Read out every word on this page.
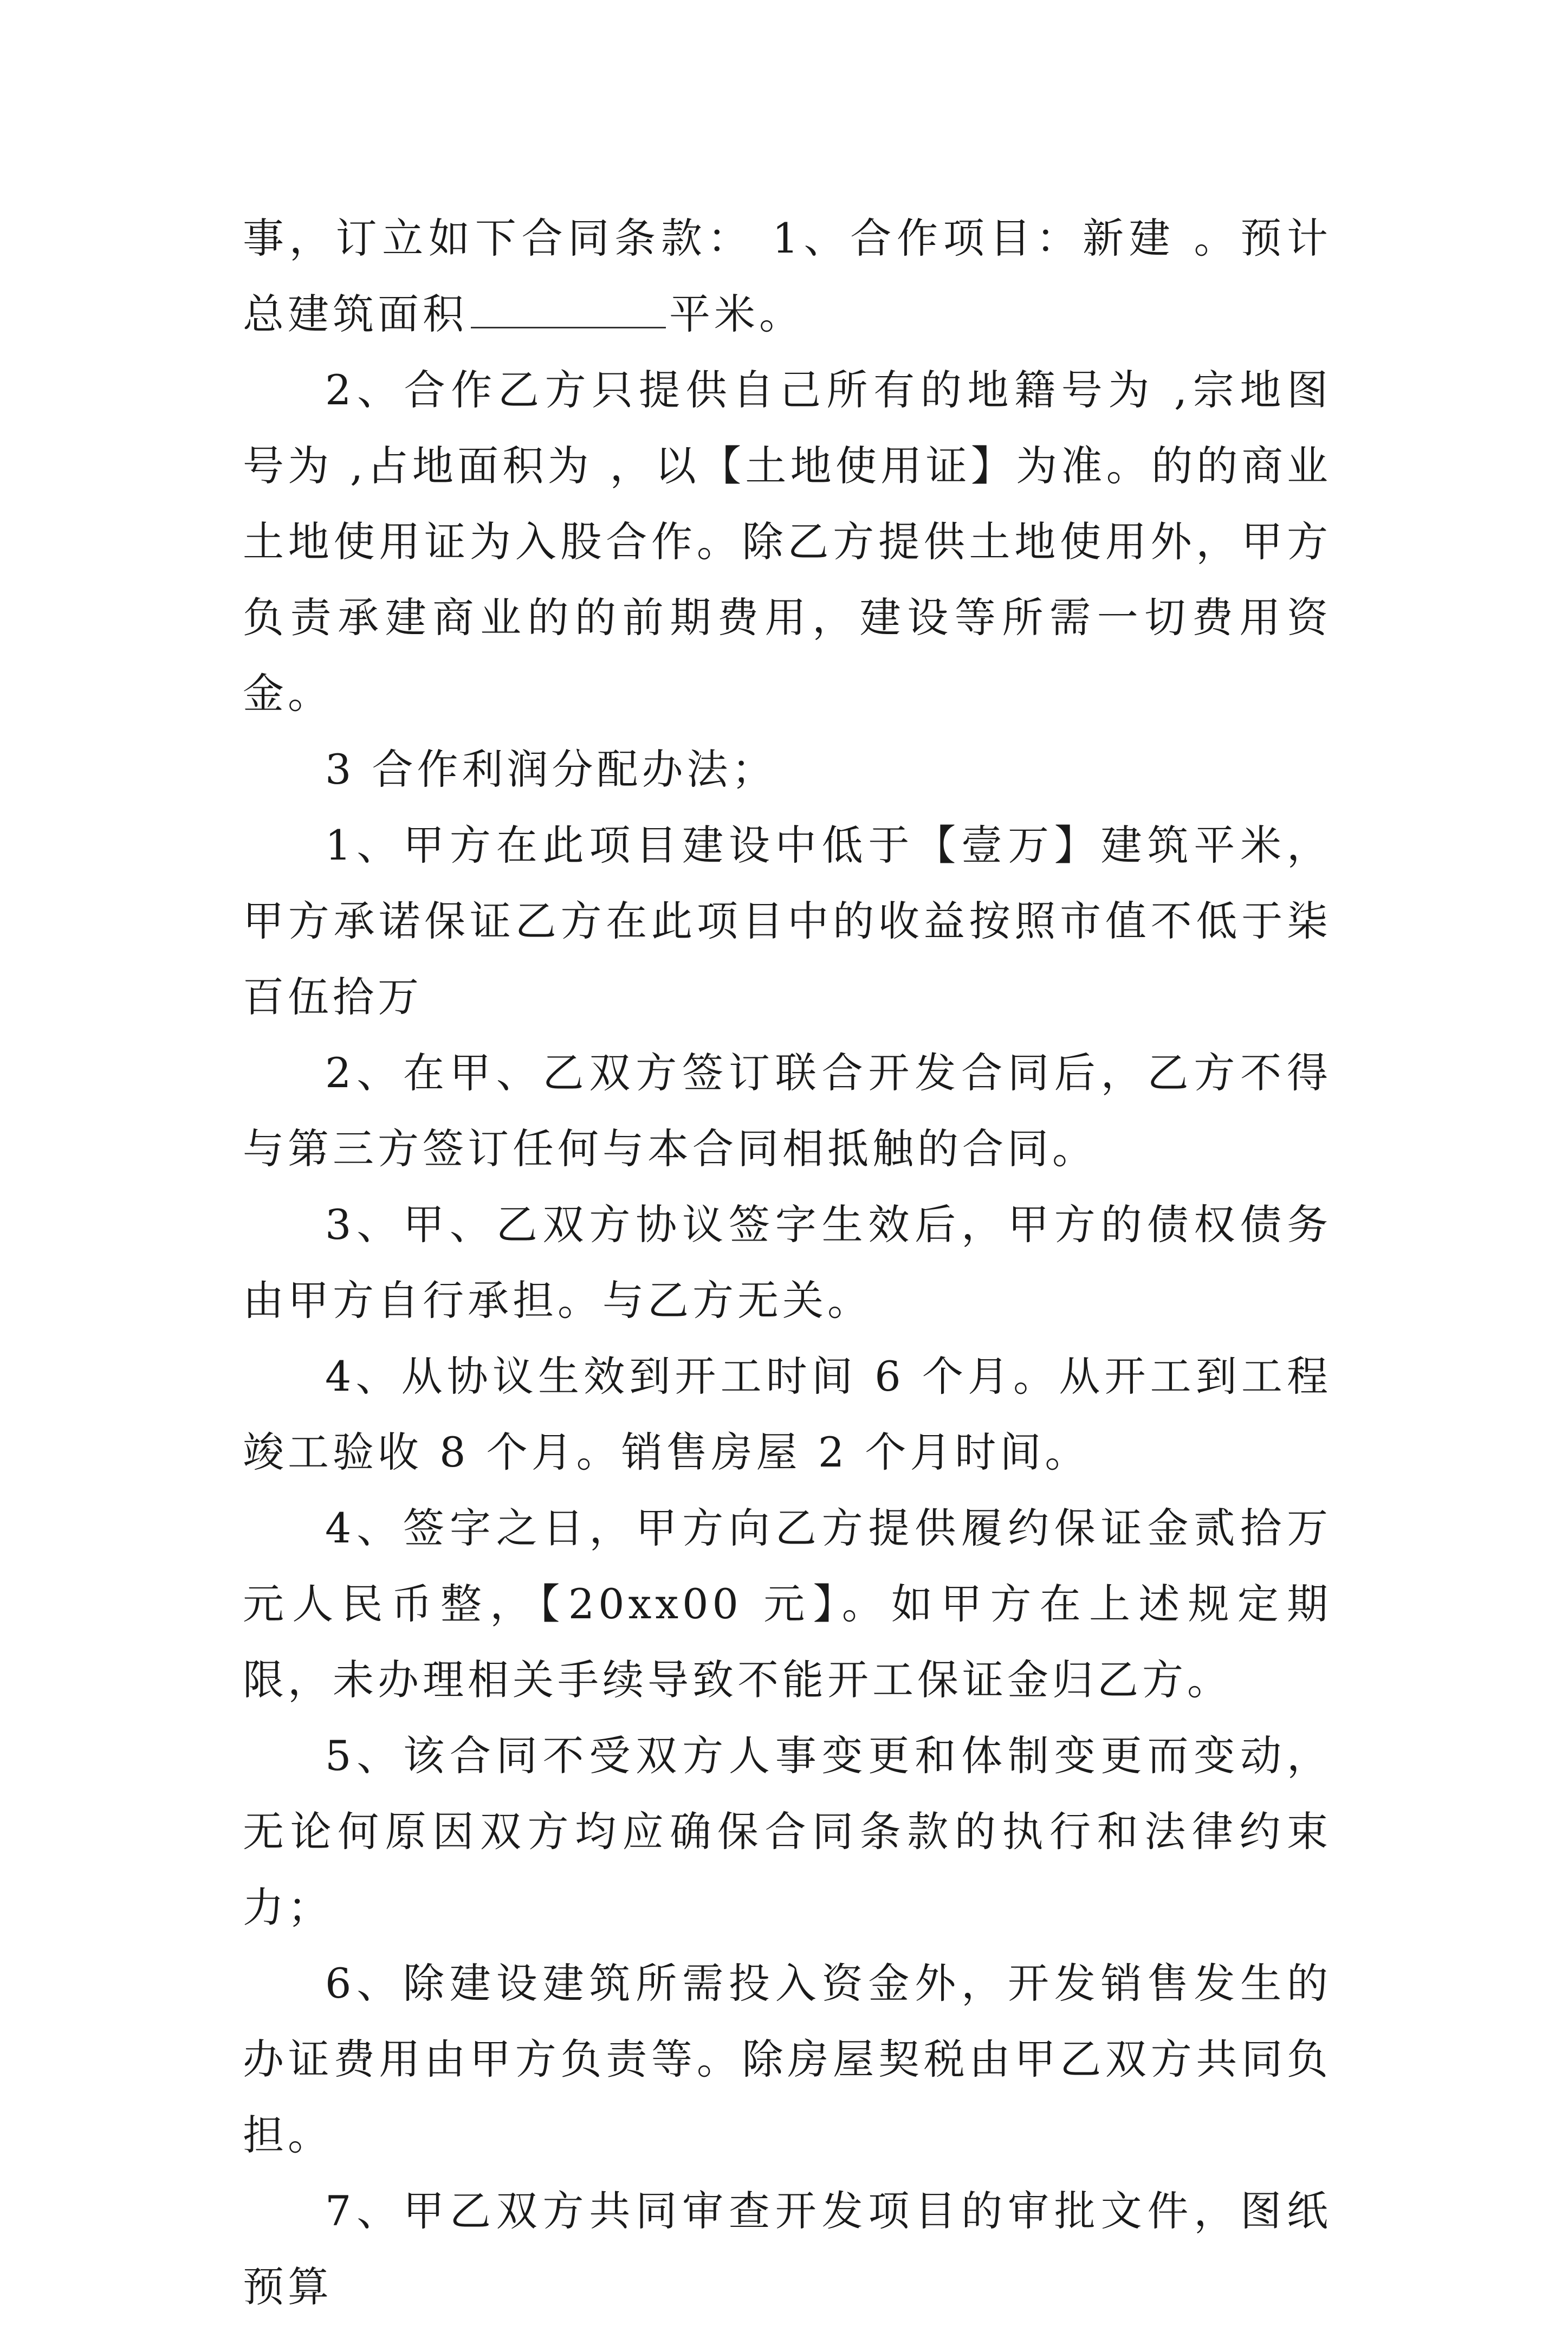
事，订立如下合同条款： 1、合作项目：新建 。预计总建筑面积	平米。

2、合作乙方只提供自己所有的地籍号为 ,宗地图号为 ,占地面积为 ，以【土地使用证】为准。的的商业土地使用证为入股合作。除乙方提供土地使用外，甲方负责承建商业的的前期费用，建设等所需一切费用资金。

3 合作利润分配办法；

1、甲方在此项目建设中低于【壹万】建筑平米，甲方承诺保证乙方在此项目中的收益按照市值不低于柒百伍拾万

2、在甲、乙双方签订联合开发合同后，乙方不得与第三方签订任何与本合同相抵触的合同。

3、甲、乙双方协议签字生效后，甲方的债权债务由甲方自行承担。与乙方无关。

4、从协议生效到开工时间 6 个月。从开工到工程竣工验收 8 个月。销售房屋 2 个月时间。

4、签字之日，甲方向乙方提供履约保证金贰拾万元人民币整，【20xx00 元】。如甲方在上述规定期限，未办理相关手续导致不能开工保证金归乙方。

5、该合同不受双方人事变更和体制变更而变动，无论何原因双方均应确保合同条款的执行和法律约束力；

6、除建设建筑所需投入资金外，开发销售发生的办证费用由甲方负责等。除房屋契税由甲乙双方共同负担。

7、甲乙双方共同审查开发项目的审批文件，图纸预算
